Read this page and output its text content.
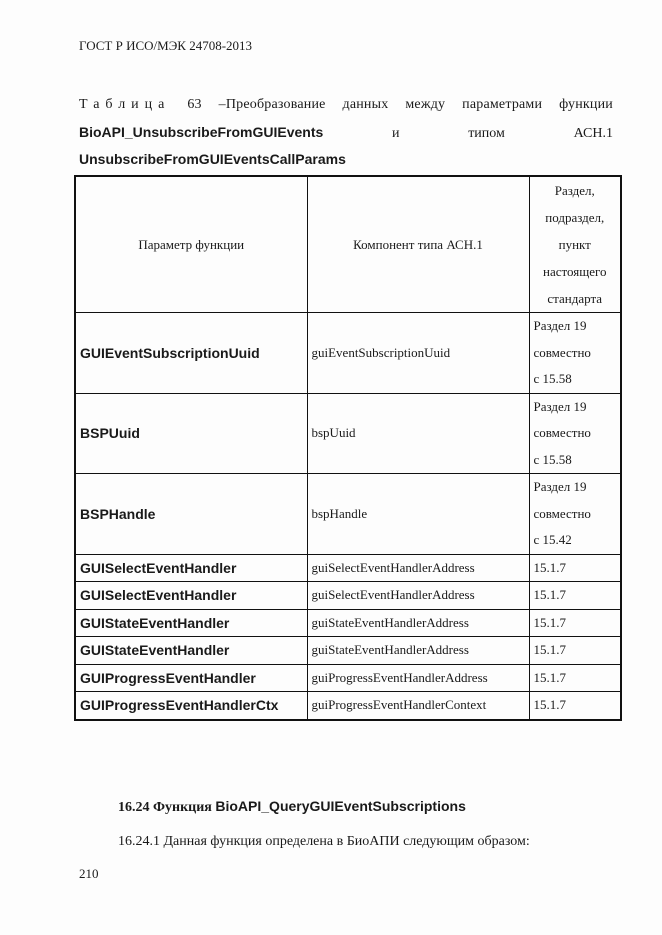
ГОСТ Р ИСО/МЭК 24708-2013
Таблица 63 –Преобразование данных между параметрами функции
BioAPI_UnsubscribeFromGUIEvents	и	типом	АСН.1
UnsubscribeFromGUIEventsCallParams
Параметр функции	Компонент типа АСН.1	Раздел,
подраздел,
пункт
настоящего
стандарта

GUIEventSubscriptionUuid	guiEventSubscriptionUuid	Раздел 19
совместно
с 15.58

BSPUuid	bspUuid	Раздел 19
совместно
с 15.58

BSPHandle	bspHandle	Раздел 19
совместно
с 15.42

GUISelectEventHandler	guiSelectEventHandlerAddress	15.1.7

GUISelectEventHandler	guiSelectEventHandlerAddress	15.1.7

GUIStateEventHandler	guiStateEventHandlerAddress	15.1.7

GUIStateEventHandler	guiStateEventHandlerAddress	15.1.7

GUIProgressEventHandler	guiProgressEventHandlerAddress	15.1.7

GUIProgressEventHandlerCtx	guiProgressEventHandlerContext	15.1.7
16.24 Функция BioAPI_QueryGUIEventSubscriptions
16.24.1 Данная функция определена в БиоАПИ следующим образом:
210
